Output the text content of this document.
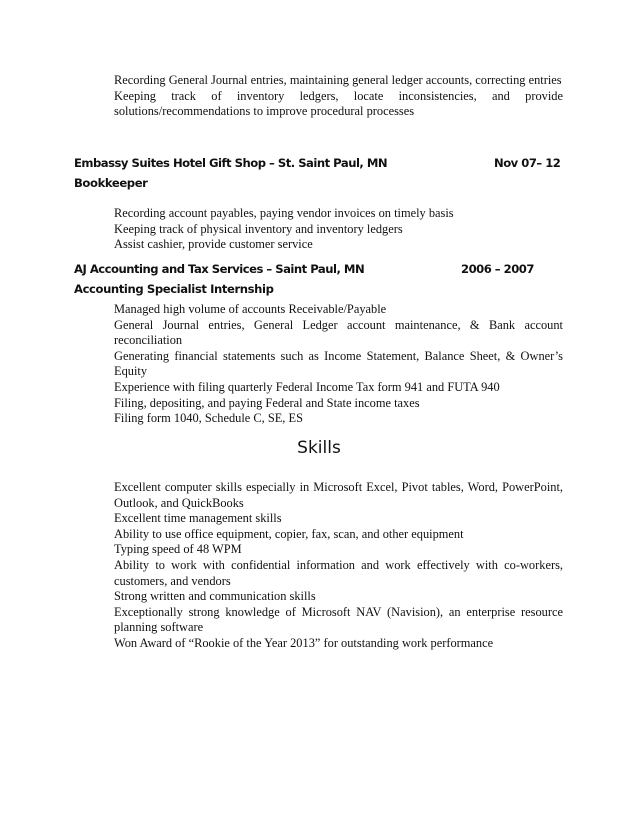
Recording General Journal entries, maintaining general ledger accounts, correcting entries
Keeping track of inventory ledgers, locate inconsistencies, and provide solutions/recommendations to improve procedural processes
Embassy Suites Hotel Gift Shop – St. Saint Paul, MN	Nov 07– 12
Bookkeeper
Recording account payables, paying vendor invoices on timely basis
Keeping track of physical inventory and inventory ledgers
Assist cashier, provide customer service
AJ Accounting and Tax Services – Saint Paul, MN	2006 – 2007
Accounting Specialist Internship
Managed high volume of accounts Receivable/Payable
General Journal entries, General Ledger account maintenance, & Bank account reconciliation
Generating financial statements such as Income Statement, Balance Sheet, & Owner’s Equity
Experience with filing quarterly Federal Income Tax form 941 and FUTA 940
Filing, depositing, and paying Federal and State income taxes
Filing form 1040, Schedule C, SE, ES
Skills
Excellent computer skills especially in Microsoft Excel, Pivot tables, Word, PowerPoint, Outlook, and QuickBooks
Excellent time management skills
Ability to use office equipment, copier, fax, scan, and other equipment
Typing speed of 48 WPM
Ability to work with confidential information and work effectively with co-workers, customers, and vendors
Strong written and communication skills
Exceptionally strong knowledge of Microsoft NAV (Navision), an enterprise resource planning software
Won Award of “Rookie of the Year 2013” for outstanding work performance
